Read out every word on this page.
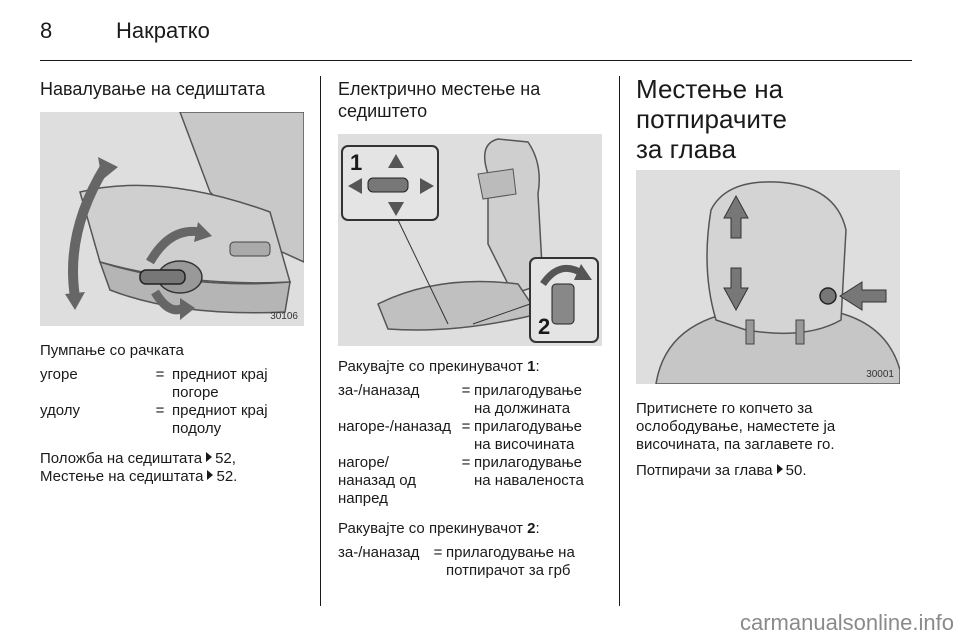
8	Накратко
Навалување на седиштата
30106

Пумпање со рачката

угоре	=	предниот крај
погоре
удолу	=	предниот крај
подолу

Положба на седиштата 52,
Местење на седиштата 52.

Електрично местење на
седиштето
1
2

Ракувајте со прекинувачот 1:

за-/наназад	=	прилагодување
на должината
нагоре-/наназад	=	прилагодување
на височината
нагоре/
наназад од
напред	=	прилагодување
на наваленоста

Ракувајте со прекинувачот 2:

за-/наназад	=	прилагодување на
потпирачот за грб
Местење на потпирачите
за глава
30001

Притиснете го копчето за
ослободување, наместете ја
височината, па заглавете го.

Потпирачи за глава 50.

carmanualsonline.info
